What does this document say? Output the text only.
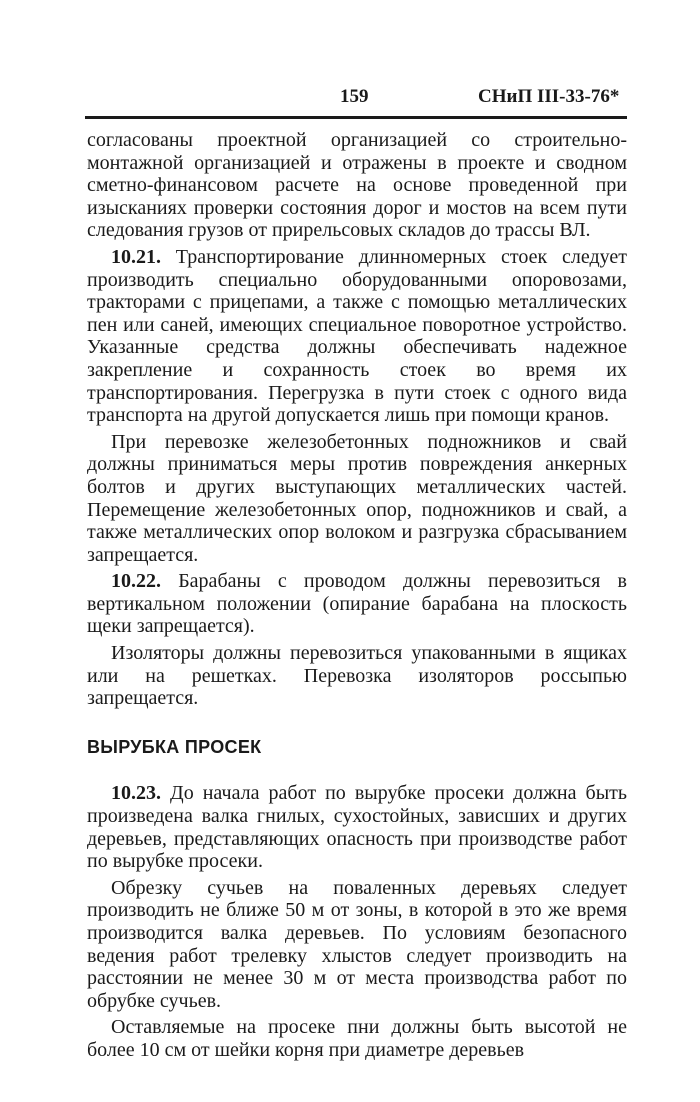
159	СНиП III-33-76*

согласованы проектной организацией со строительно-монтажной организацией и отражены в проекте и сводном сметно-финансовом расчете на основе проведенной при изысканиях проверки состояния дорог и мостов на всем пути следования грузов от прирельсовых складов до трассы ВЛ.

10.21. Транспортирование длинномерных стоек следует производить специально оборудованными опоровозами, тракторами с прицепами, а также с помощью металлических пен или саней, имеющих специальное поворотное устройство. Указанные средства должны обеспечивать надежное закрепление и сохранность стоек во время их транспортирования. Перегрузка в пути стоек с одного вида транспорта на другой допускается лишь при помощи кранов.

При перевозке железобетонных подножников и свай должны приниматься меры против повреждения анкерных болтов и других выступающих металлических частей. Перемещение железобетонных опор, подножников и свай, а также металлических опор волоком и разгрузка сбрасыванием запрещается.

10.22. Барабаны с проводом должны перевозиться в вертикальном положении (опирание барабана на плоскость щеки запрещается).

Изоляторы должны перевозиться упакованными в ящиках или на решетках. Перевозка изоляторов россыпью запрещается.

ВЫРУБКА ПРОСЕК

10.23. До начала работ по вырубке просеки должна быть произведена валка гнилых, сухостойных, зависших и других деревьев, представляющих опасность при производстве работ по вырубке просеки.

Обрезку сучьев на поваленных деревьях следует производить не ближе 50 м от зоны, в которой в это же время производится валка деревьев. По условиям безопасного ведения работ трелевку хлыстов следует производить на расстоянии не менее 30 м от места производства работ по обрубке сучьев.

Оставляемые на просеке пни должны быть высотой не более 10 см от шейки корня при диаметре деревьев
